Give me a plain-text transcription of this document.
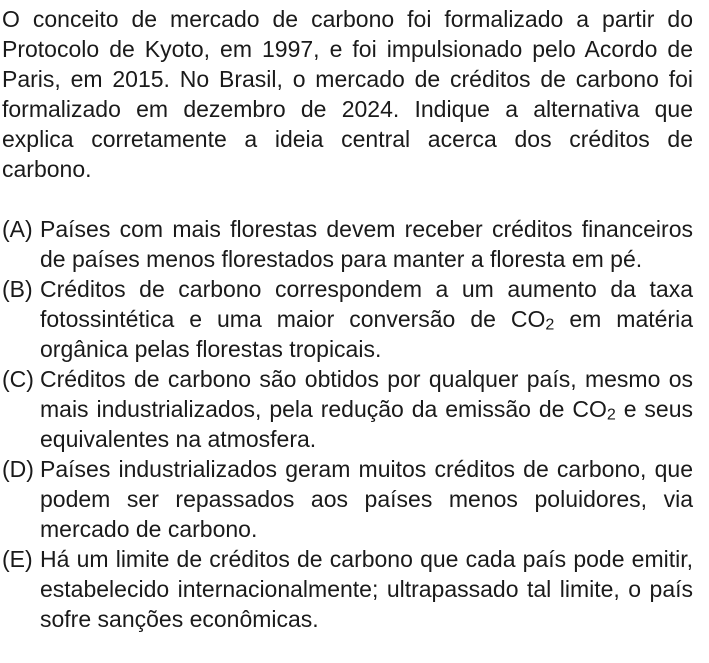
O conceito de mercado de carbono foi formalizado a partir do Protocolo de Kyoto, em 1997, e foi impulsionado pelo Acordo de Paris, em 2015. No Brasil, o mercado de créditos de carbono foi formalizado em dezembro de 2024. Indique a alternativa que explica corretamente a ideia central acerca dos créditos de carbono.

(A) Países com mais florestas devem receber créditos financeiros de países menos florestados para manter a floresta em pé.
(B) Créditos de carbono correspondem a um aumento da taxa fotossintética e uma maior conversão de $CO_2$ em matéria orgânica pelas florestas tropicais.
(C) Créditos de carbono são obtidos por qualquer país, mesmo os mais industrializados, pela redução da emissão de $CO_2$ e seus equivalentes na atmosfera.
(D) Países industrializados geram muitos créditos de carbono, que podem ser repassados aos países menos poluidores, via mercado de carbono.
(E) Há um limite de créditos de carbono que cada país pode emitir, estabelecido internacionalmente; ultrapassado tal limite, o país sofre sanções econômicas.
